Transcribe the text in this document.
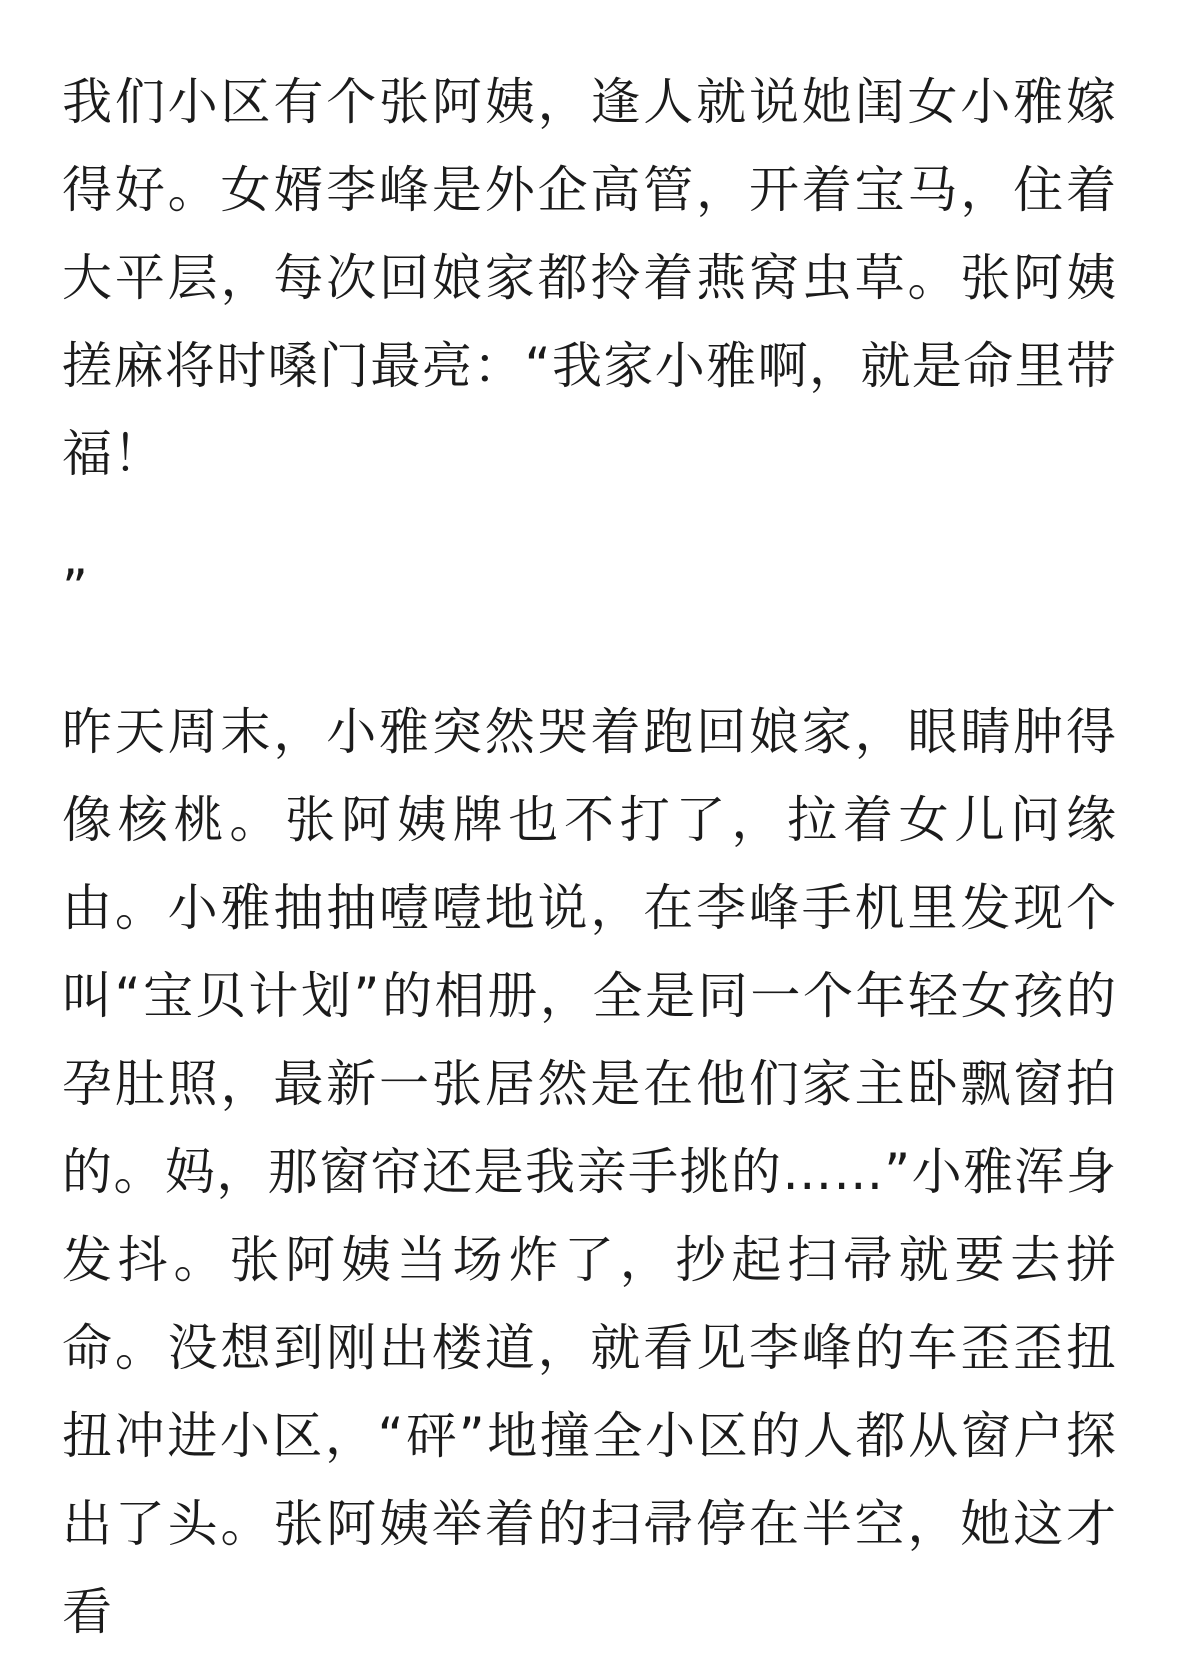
我们小区有个张阿姨，逢人就说她闺女小雅嫁得好。女婿李峰是外企高管，开着宝马，住着大平层，每次回娘家都拎着燕窝虫草。张阿姨搓麻将时嗓门最亮：“我家小雅啊，就是命里带福！

”

昨天周末，小雅突然哭着跑回娘家，眼睛肿得像核桃。张阿姨牌也不打了，拉着女儿问缘由。小雅抽抽噎噎地说，在李峰手机里发现个叫“宝贝计划”的相册，全是同一个年轻女孩的孕肚照，最新一张居然是在他们家主卧飘窗拍的。妈，那窗帘还是我亲手挑的……”小雅浑身发抖。张阿姨当场炸了，抄起扫帚就要去拼命。没想到刚出楼道，就看见李峰的车歪歪扭扭冲进小区，“砰”地撞全小区的人都从窗户探出了头。张阿姨举着的扫帚停在半空，她这才看
